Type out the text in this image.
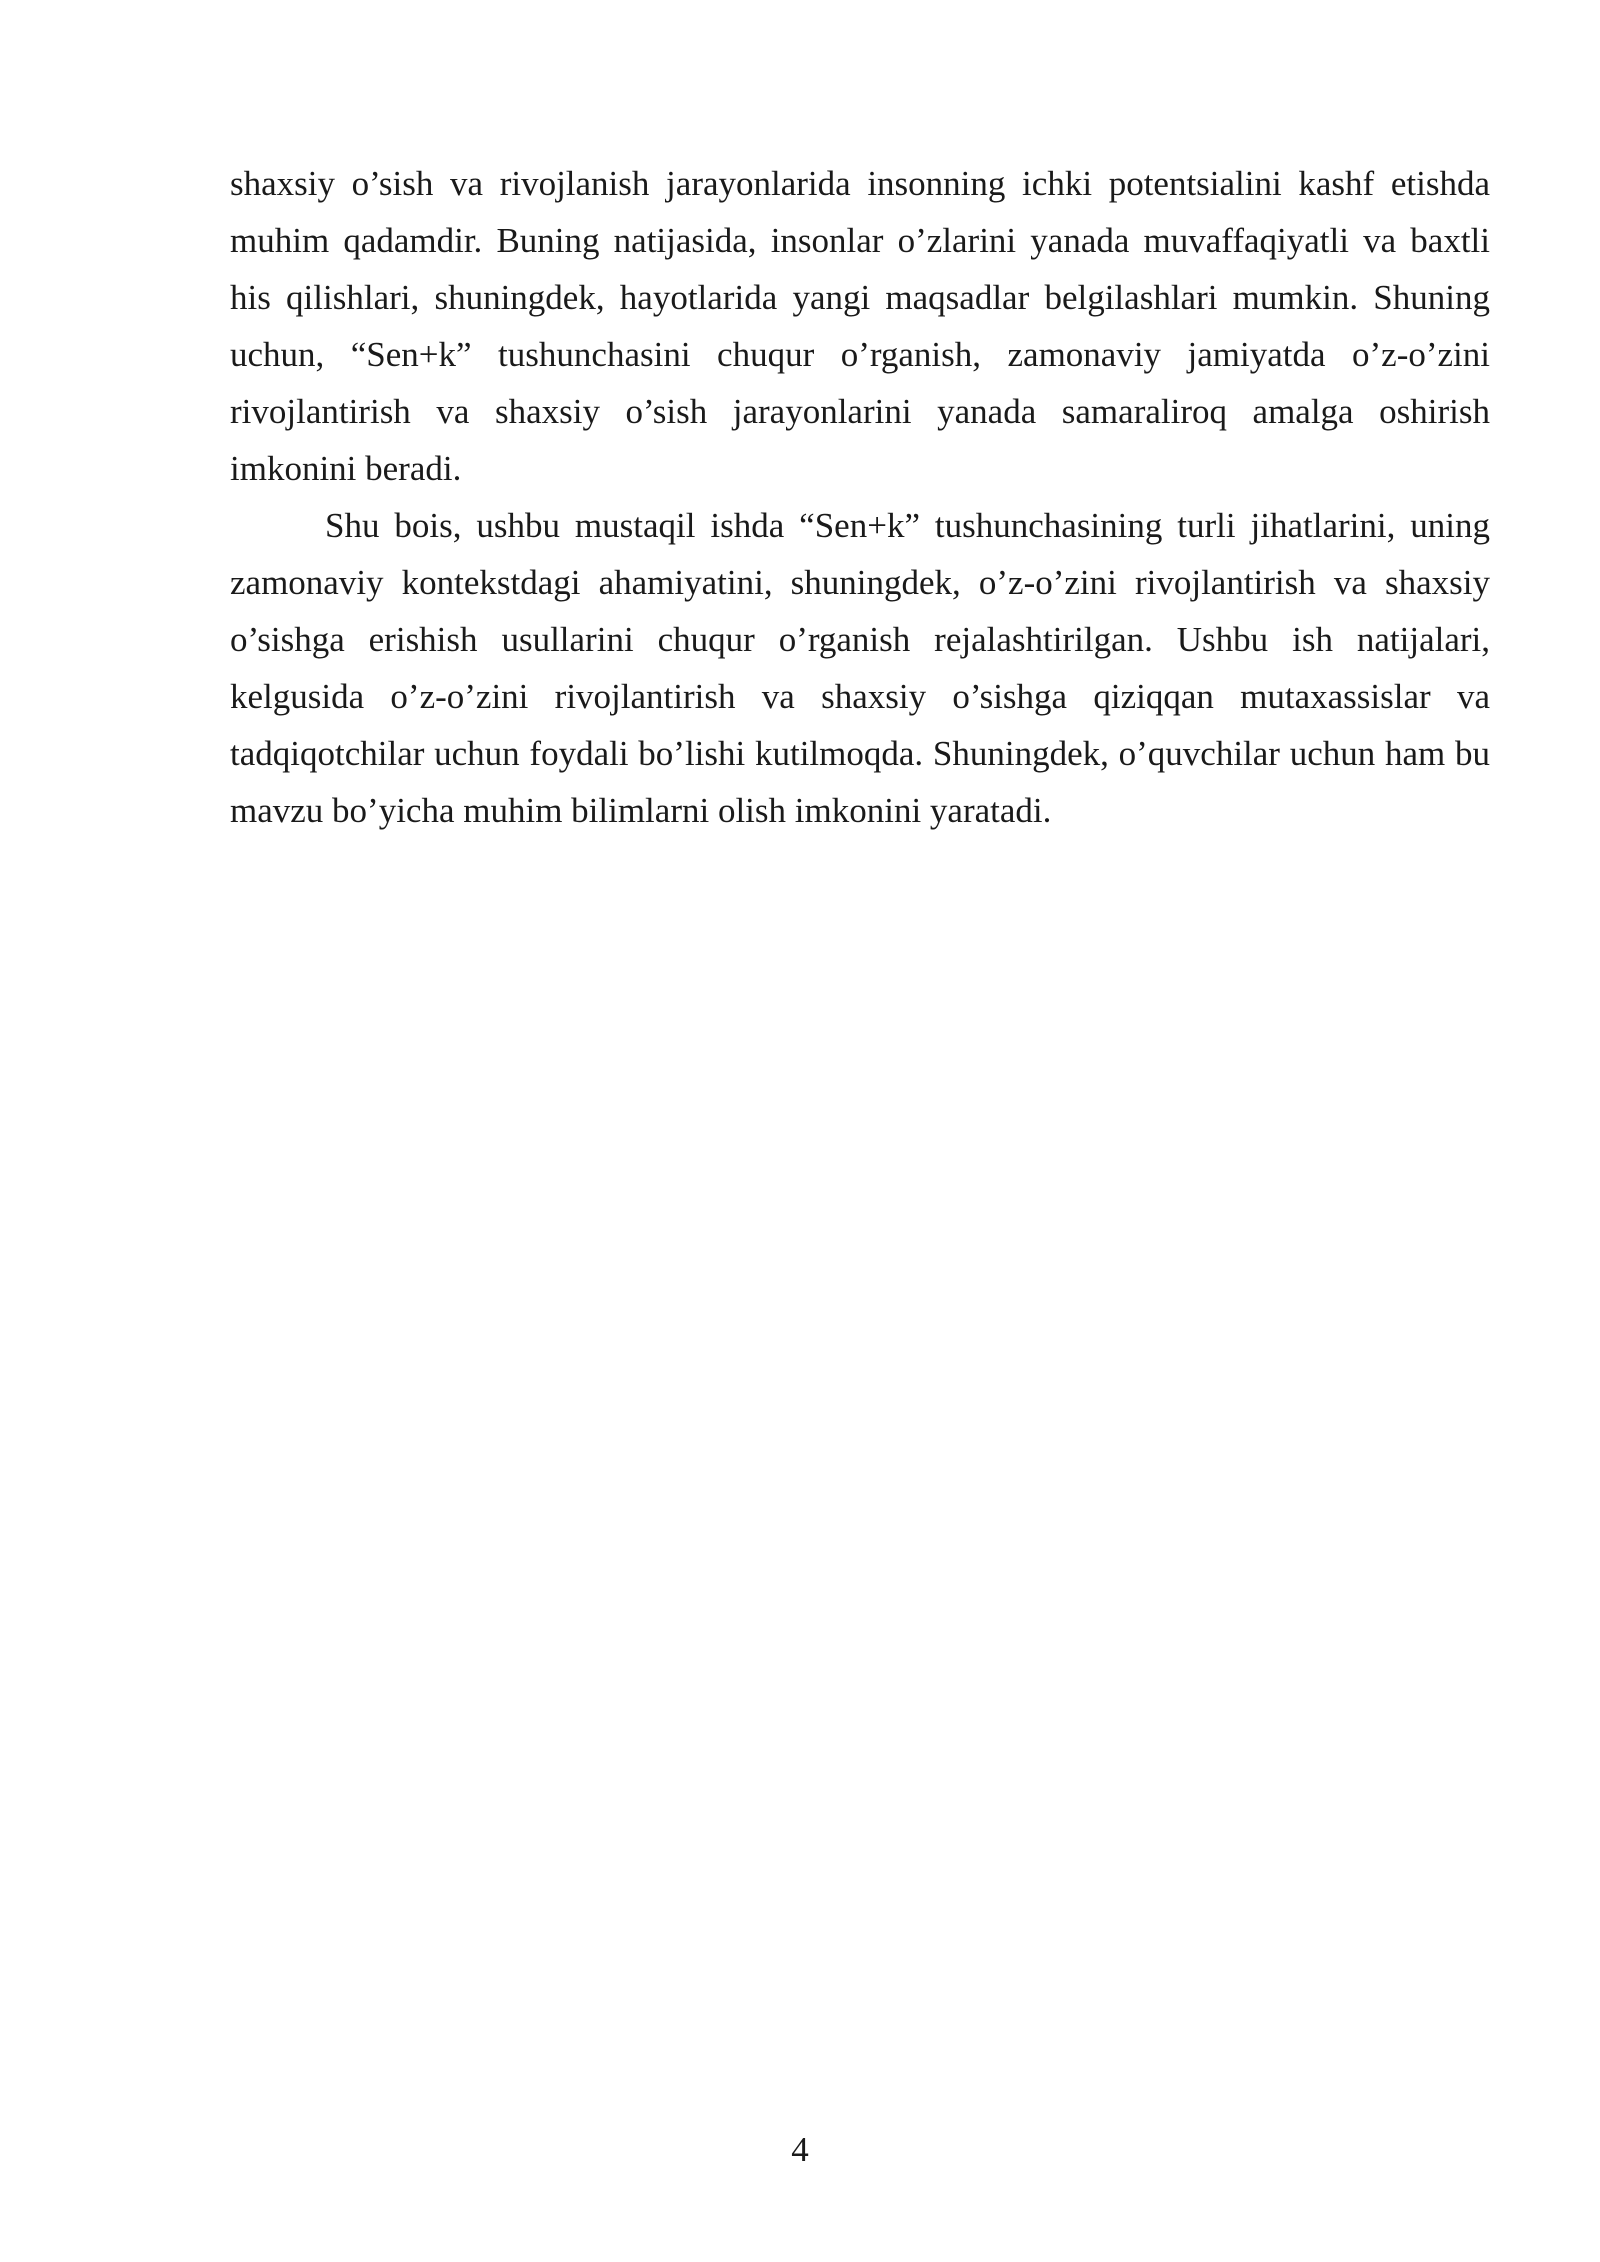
shaxsiy o’sish va rivojlanish jarayonlarida insonning ichki potentsialini kashf etishda muhim qadamdir. Buning natijasida, insonlar o’zlarini yanada muvaffaqiyatli va baxtli his qilishlari, shuningdek, hayotlarida yangi maqsadlar belgilashlari mumkin. Shuning uchun, “Sen+k” tushunchasini chuqur o’rganish, zamonaviy jamiyatda o’z-o’zini rivojlantirish va shaxsiy o’sish jarayonlarini yanada samaraliroq amalga oshirish imkonini beradi.

Shu bois, ushbu mustaqil ishda “Sen+k” tushunchasining turli jihatlarini, uning zamonaviy kontekstdagi ahamiyatini, shuningdek, o’z-o’zini rivojlantirish va shaxsiy o’sishga erishish usullarini chuqur o’rganish rejalashtirilgan. Ushbu ish natijalari, kelgusida o’z-o’zini rivojlantirish va shaxsiy o’sishga qiziqqan mutaxassislar va tadqiqotchilar uchun foydali bo’lishi kutilmoqda. Shuningdek, o’quvchilar uchun ham bu mavzu bo’yicha muhim bilimlarni olish imkonini yaratadi.

4
